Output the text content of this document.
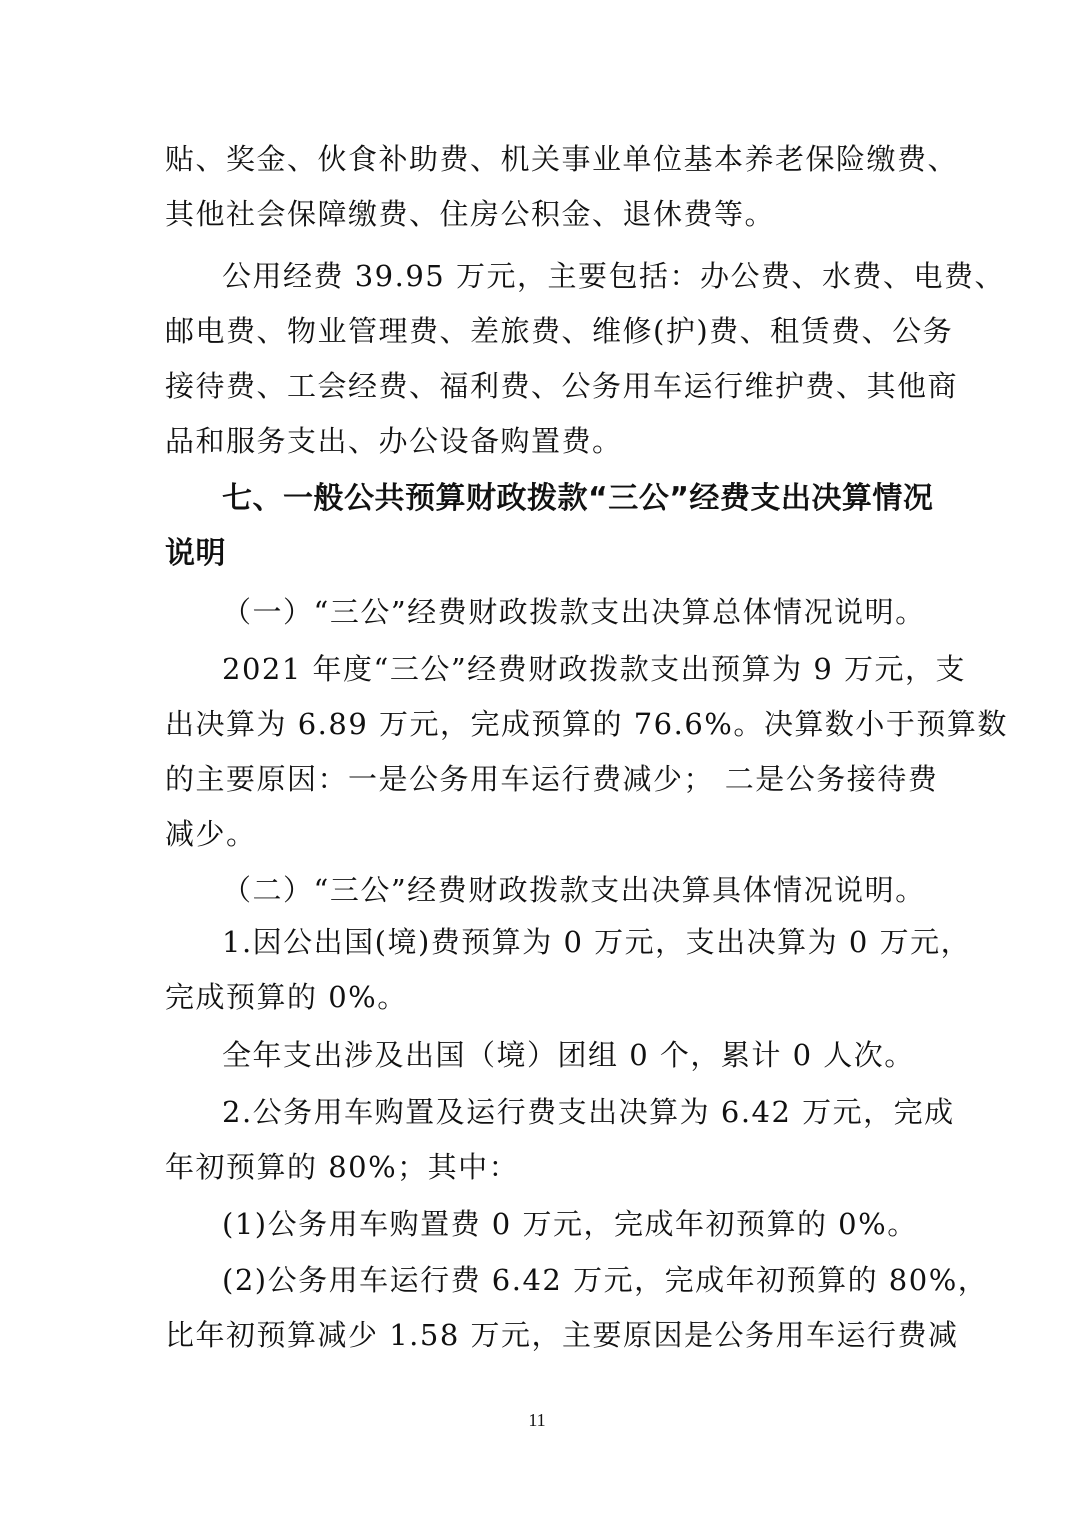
贴、奖金、伙食补助费、机关事业单位基本养老保险缴费、
其他社会保障缴费、住房公积金、退休费等。
公用经费 39.95 万元，主要包括：办公费、水费、电费、
邮电费、物业管理费、差旅费、维修(护)费、租赁费、公务
接待费、工会经费、福利费、公务用车运行维护费、其他商
品和服务支出、办公设备购置费。
七、一般公共预算财政拨款“三公”经费支出决算情况
说明
（一）“三公”经费财政拨款支出决算总体情况说明。
2021 年度“三公”经费财政拨款支出预算为 9 万元，支
出决算为 6.89 万元，完成预算的 76.6%。决算数小于预算数
的主要原因：一是公务用车运行费减少； 二是公务接待费
减少。
（二）“三公”经费财政拨款支出决算具体情况说明。
1.因公出国(境)费预算为 0 万元，支出决算为 0 万元，
完成预算的 0%。
全年支出涉及出国（境）团组 0 个，累计 0 人次。
2.公务用车购置及运行费支出决算为 6.42 万元，完成
年初预算的 80%；其中：
(1)公务用车购置费 0 万元，完成年初预算的 0%。
(2)公务用车运行费 6.42 万元，完成年初预算的 80%，
比年初预算减少 1.58 万元，主要原因是公务用车运行费减
11
